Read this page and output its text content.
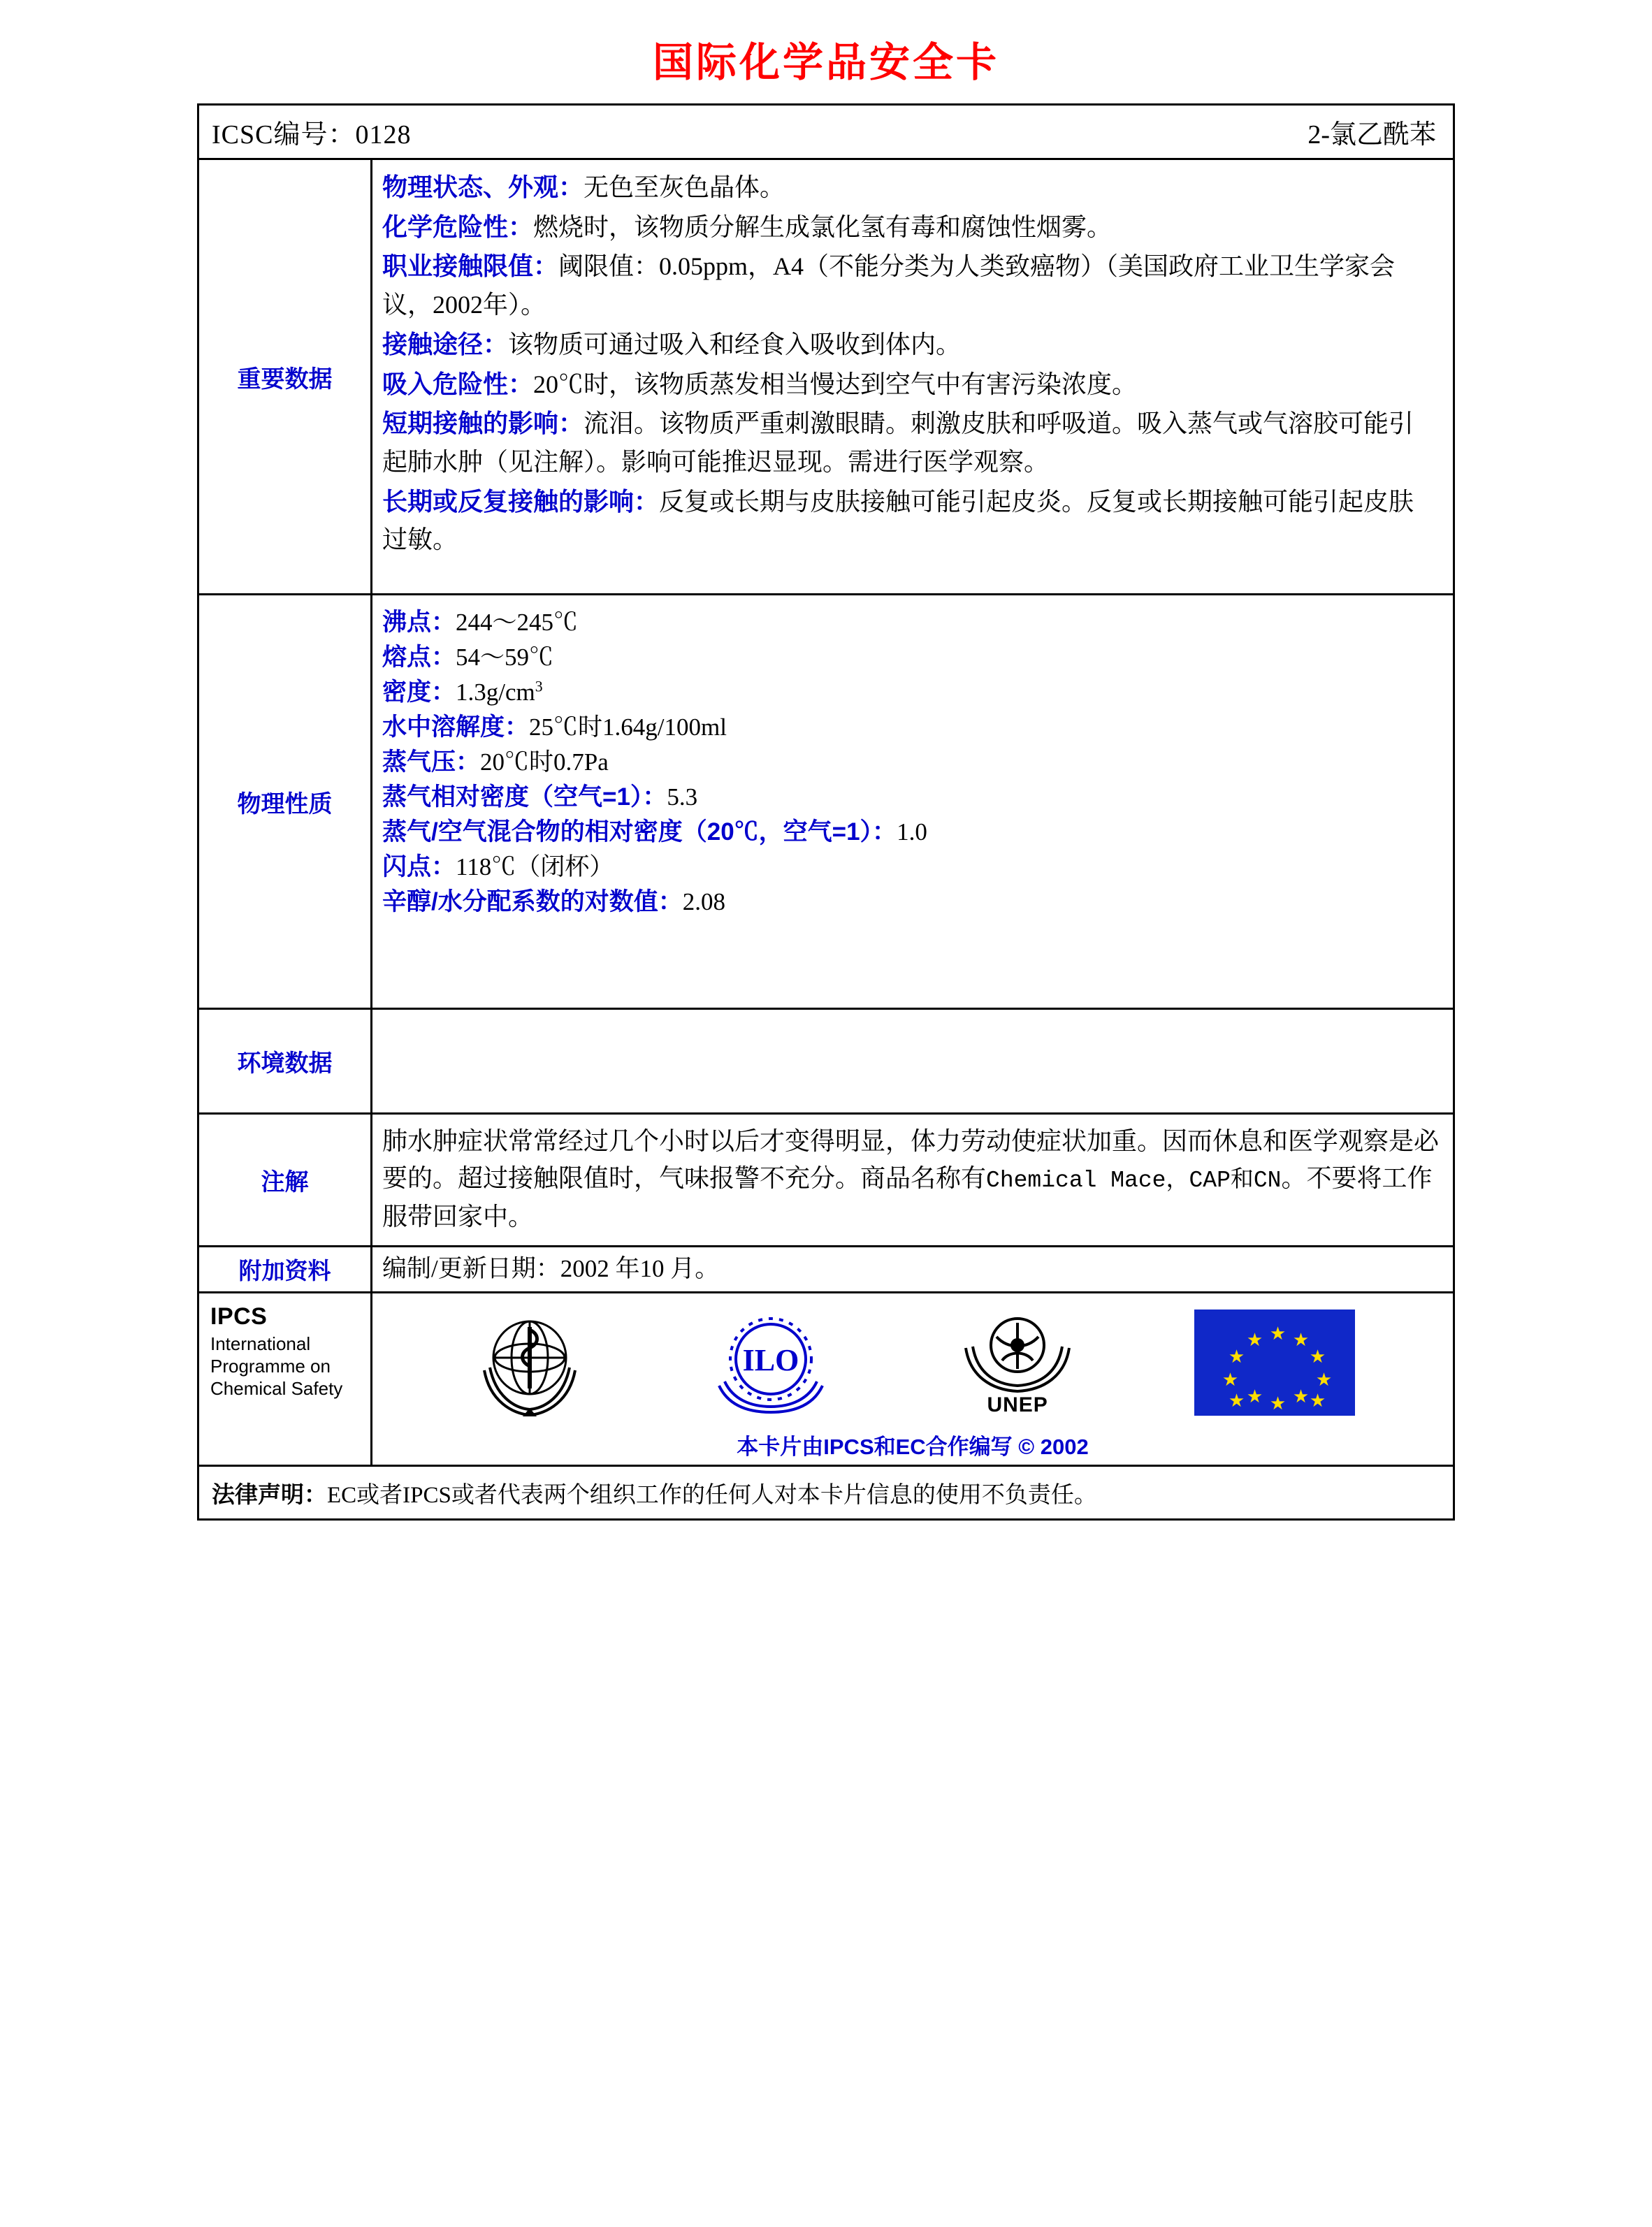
国际化学品安全卡
ICSC编号：0128	2-氯乙酰苯
重要数据

物理状态、外观：无色至灰色晶体。

化学危险性：燃烧时，该物质分解生成氯化氢有毒和腐蚀性烟雾。

职业接触限值：阈限值：0.05ppm，A4（不能分类为人类致癌物）（美国政府工业卫生学家会议，2002年）。

接触途径：该物质可通过吸入和经食入吸收到体内。

吸入危险性：20℃时，该物质蒸发相当慢达到空气中有害污染浓度。

短期接触的影响：流泪。该物质严重刺激眼睛。刺激皮肤和呼吸道。吸入蒸气或气溶胶可能引起肺水肿（见注解）。影响可能推迟显现。需进行医学观察。

长期或反复接触的影响：反复或长期与皮肤接触可能引起皮炎。反复或长期接触可能引起皮肤过敏。

物理性质

沸点：244～245℃

熔点：54～59℃

密度：$1.3g/cm^3$

水中溶解度：25℃时1.64g/100ml

蒸气压：20℃时0.7Pa

蒸气相对密度（空气=1）：5.3

蒸气/空气混合物的相对密度（20℃，空气=1）：1.0

闪点：118℃（闭杯）

辛醇/水分配系数的对数值：2.08

环境数据
注解
肺水肿症状常常经过几个小时以后才变得明显，体力劳动使症状加重。因而休息和医学观察是必要的。超过接触限值时，气味报警不充分。商品名称有Chemical Mace，CAP和CN。不要将工作服带回家中。
附加资料	编制/更新日期：2002 年10 月。
IPCS
International
Programme on
Chemical Safety
ILO
UNEP
★ ★
★
★
★
★
★
★
★
★
★
★
本卡片由IPCS和EC合作编写 © 2002
法律声明： EC或者IPCS或者代表两个组织工作的任何人对本卡片信息的使用不负责任。
